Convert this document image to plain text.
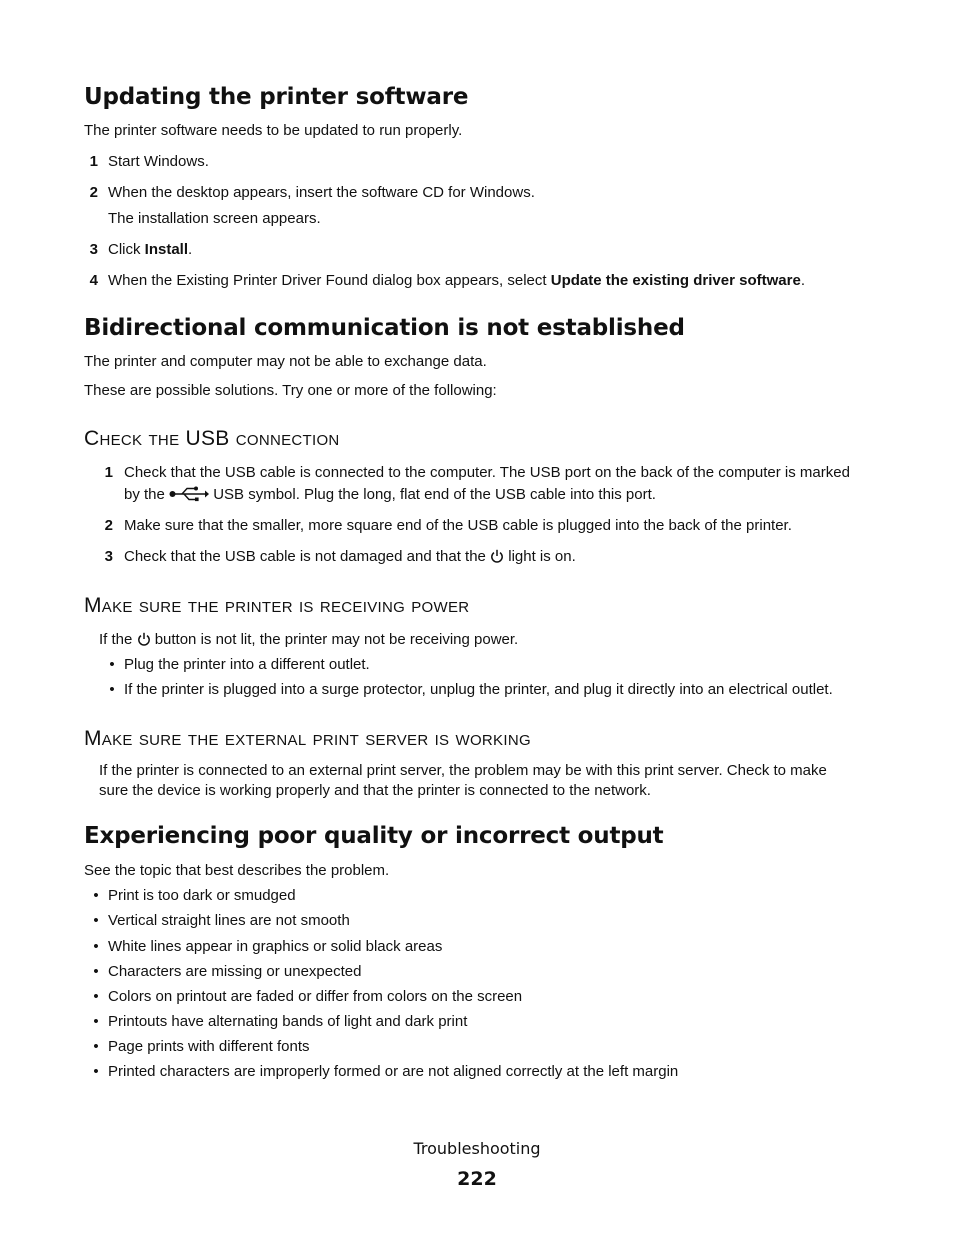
Updating the printer software

The printer software needs to be updated to run properly.

1 Start Windows.

2 When the desktop appears, insert the software CD for Windows.

The installation screen appears.

3 Click Install.

4 When the Existing Printer Driver Found dialog box appears, select Update the existing driver software.

Bidirectional communication is not established

The printer and computer may not be able to exchange data.

These are possible solutions. Try one or more of the following:

Check the USB connection
1 Check that the USB cable is connected to the computer. The USB port on the back of the computer is marked

by the	USB symbol. Plug the long, flat end of the USB cable into this port.

2 Make sure that the smaller, more square end of the USB cable is plugged into the back of the printer.

3 Check that the USB cable is not damaged and that the  light is on.

Make sure the printer is receiving power

If the  button is not lit, the printer may not be receiving power.

• Plug the printer into a different outlet.

• If the printer is plugged into a surge protector, unplug the printer, and plug it directly into an electrical outlet.

Make sure the external print server is working

If the printer is connected to an external print server, the problem may be with this print server. Check to make

sure the device is working properly and that the printer is connected to the network.

Experiencing poor quality or incorrect output

See the topic that best describes the problem.

• Print is too dark or smudged

• Vertical straight lines are not smooth

• White lines appear in graphics or solid black areas

• Characters are missing or unexpected

• Colors on printout are faded or differ from colors on the screen

• Printouts have alternating bands of light and dark print

• Page prints with different fonts

• Printed characters are improperly formed or are not aligned correctly at the left margin

Troubleshooting
222
